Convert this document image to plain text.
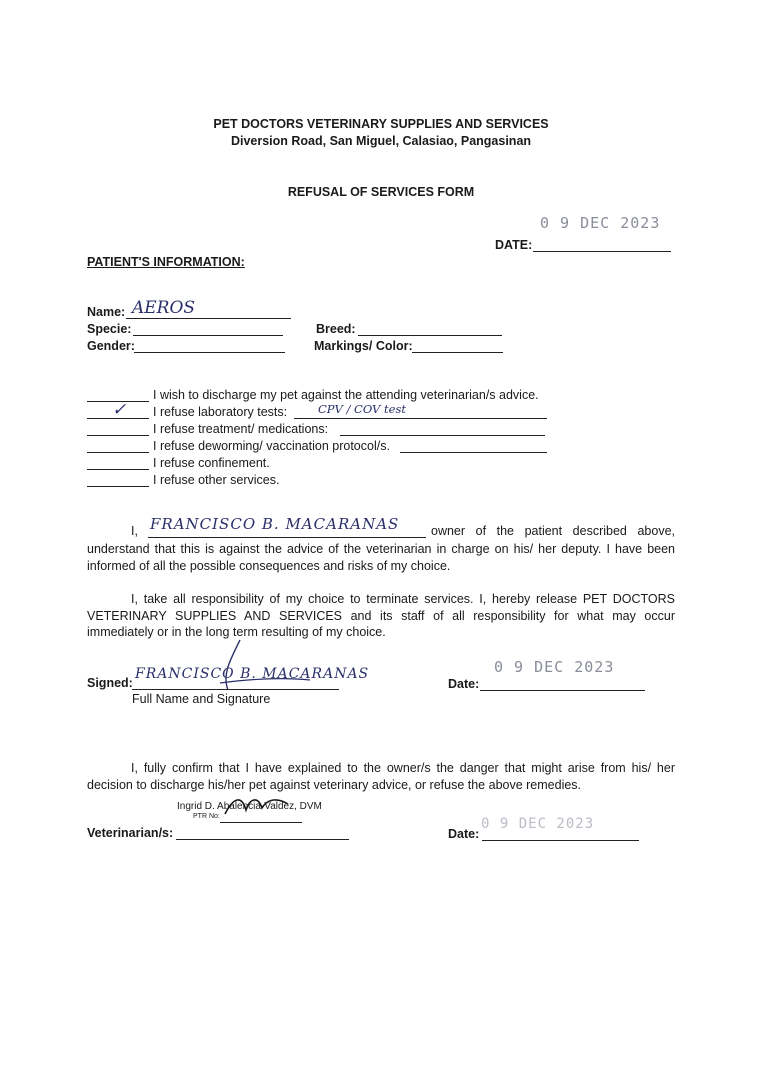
PET DOCTORS VETERINARY SUPPLIES AND SERVICES
Diversion Road, San Miguel, Calasiao, Pangasinan
REFUSAL OF SERVICES FORM
0 9 DEC 2023
DATE:
PATIENT'S INFORMATION:
Name: AEROS
Specie:	Breed:
Gender:	Markings/ Color:
I wish to discharge my pet against the attending veterinarian/s advice.
✓ I refuse laboratory tests:	CPV / COV test
I refuse treatment/ medications:
I refuse deworming/ vaccination protocol/s.
I refuse confinement.
I refuse other services.
I, FRANCISCO B. MACARANAS	owner of the patient described above,

understand that this is against the advice of the veterinarian in charge on his/ her deputy. I have been informed of all the possible consequences and risks of my choice.

I, take all responsibility of my choice to terminate services. I, hereby release PET DOCTORS VETERINARY SUPPLIES AND SERVICES and its staff of all responsibility for what may occur immediately or in the long term resulting of my choice.

Signed:
FRANCISCO B. MACARANAS
Full Name and Signature
Date:
0 9 DEC 2023

I, fully confirm that I have explained to the owner/s the danger that might arise from his/ her decision to discharge his/her pet against veterinary advice, or refuse the above remedies.

Ingrid D. Abalencia-Valdez, DVM
PTR No:
Veterinarian/s:	Date:
0 9 DEC 2023
